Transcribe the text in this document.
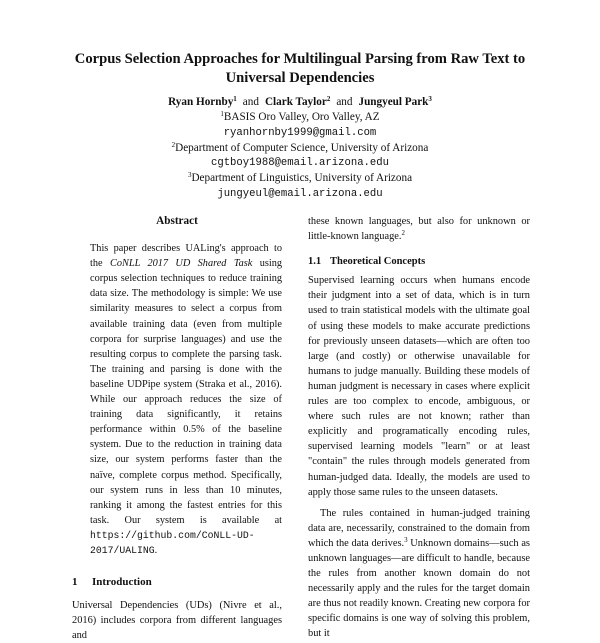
Corpus Selection Approaches for Multilingual Parsing from Raw Text to Universal Dependencies
Ryan Hornby$^1$ and Clark Taylor$^2$ and Jungyeul Park$^3$
$^1$BASIS Oro Valley, Oro Valley, AZ
ryanhornby1999@gmail.com
$^2$Department of Computer Science, University of Arizona
cgtboy1988@email.arizona.edu
$^3$Department of Linguistics, University of Arizona
jungyeul@email.arizona.edu
Abstract
This paper describes UALing's approach to the CoNLL 2017 UD Shared Task using corpus selection techniques to reduce training data size. The methodology is simple: We use similarity measures to select a corpus from available training data (even from multiple corpora for surprise languages) and use the resulting corpus to complete the parsing task. The training and parsing is done with the baseline UDPipe system (Straka et al., 2016). While our approach reduces the size of training data significantly, it retains performance within 0.5% of the baseline system. Due to the reduction in training data size, our system performs faster than the naïve, complete corpus method. Specifically, our system runs in less than 10 minutes, ranking it among the fastest entries for this task. Our system is available at https://github.com/CoNLL-UD-2017/UALING.
1 Introduction

Universal Dependencies (UDs) (Nivre et al., 2016) includes corpora from different languages and

these known languages, but also for unknown or little-known language.$^2$

1.1 Theoretical Concepts

Supervised learning occurs when humans encode their judgment into a set of data, which is in turn used to train statistical models with the ultimate goal of using these models to make accurate predictions for previously unseen datasets—which are often too large (and costly) or otherwise unavailable for humans to judge manually. Building these models of human judgment is necessary in cases where explicit rules are too complex to encode, ambiguous, or where such rules are not known; rather than explicitly and programatically encoding rules, supervised learning models "learn" or at least "contain" the rules through models generated from human-judged data. Ideally, the models are used to apply those same rules to the unseen datasets.

The rules contained in human-judged training data are, necessarily, constrained to the domain from which the data derives.$^3$ Unknown domains—such as unknown languages—are difficult to handle, because the rules from another known domain do not necessarily apply and the rules for the target domain are thus not readily known. Creating new corpora for specific domains is one way of solving this problem, but it
